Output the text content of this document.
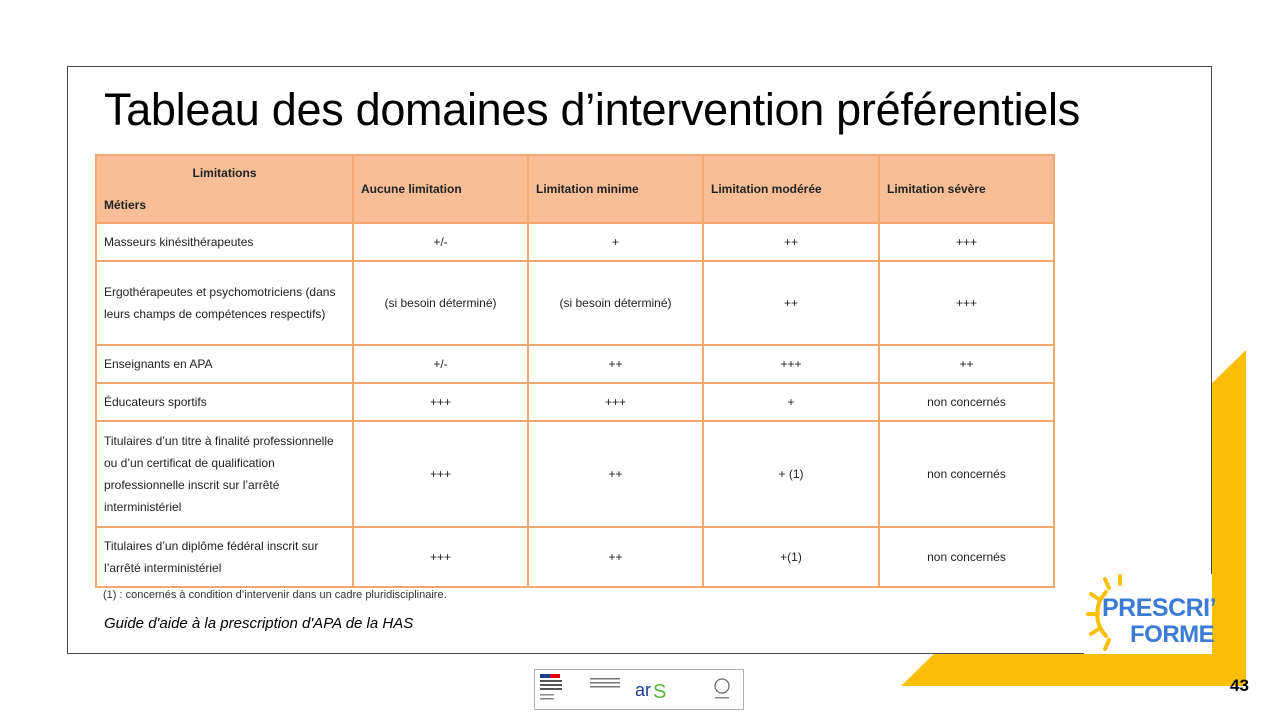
Tableau des domaines d’intervention préférentiels
Limitations
Métiers	Aucune limitation	Limitation minime	Limitation modérée	Limitation sévère
Masseurs kinésithérapeutes	+/-	+	++	+++
Ergothérapeutes et psychomotriciens (dans leurs champs de compétences respectifs)	(si besoin déterminé)	(si besoin déterminé)	++	+++
Enseignants en APA	+/-	++	+++	++
Éducateurs sportifs	+++	+++	+	non concernés
Titulaires d’un titre à finalité professionnelle ou d’un certificat de qualification professionnelle inscrit sur l’arrêté interministériel	+++	++	+ (1)	non concernés
Titulaires d’un diplôme fédéral inscrit sur l’arrêté interministériel	+++	++	+(1)	non concernés
(1) : concernés à condition d’intervenir dans un cadre pluridisciplinaire.
Guide d'aide à la prescription d'APA de la HAS
PRESCRI’
FORME
ar S	43
